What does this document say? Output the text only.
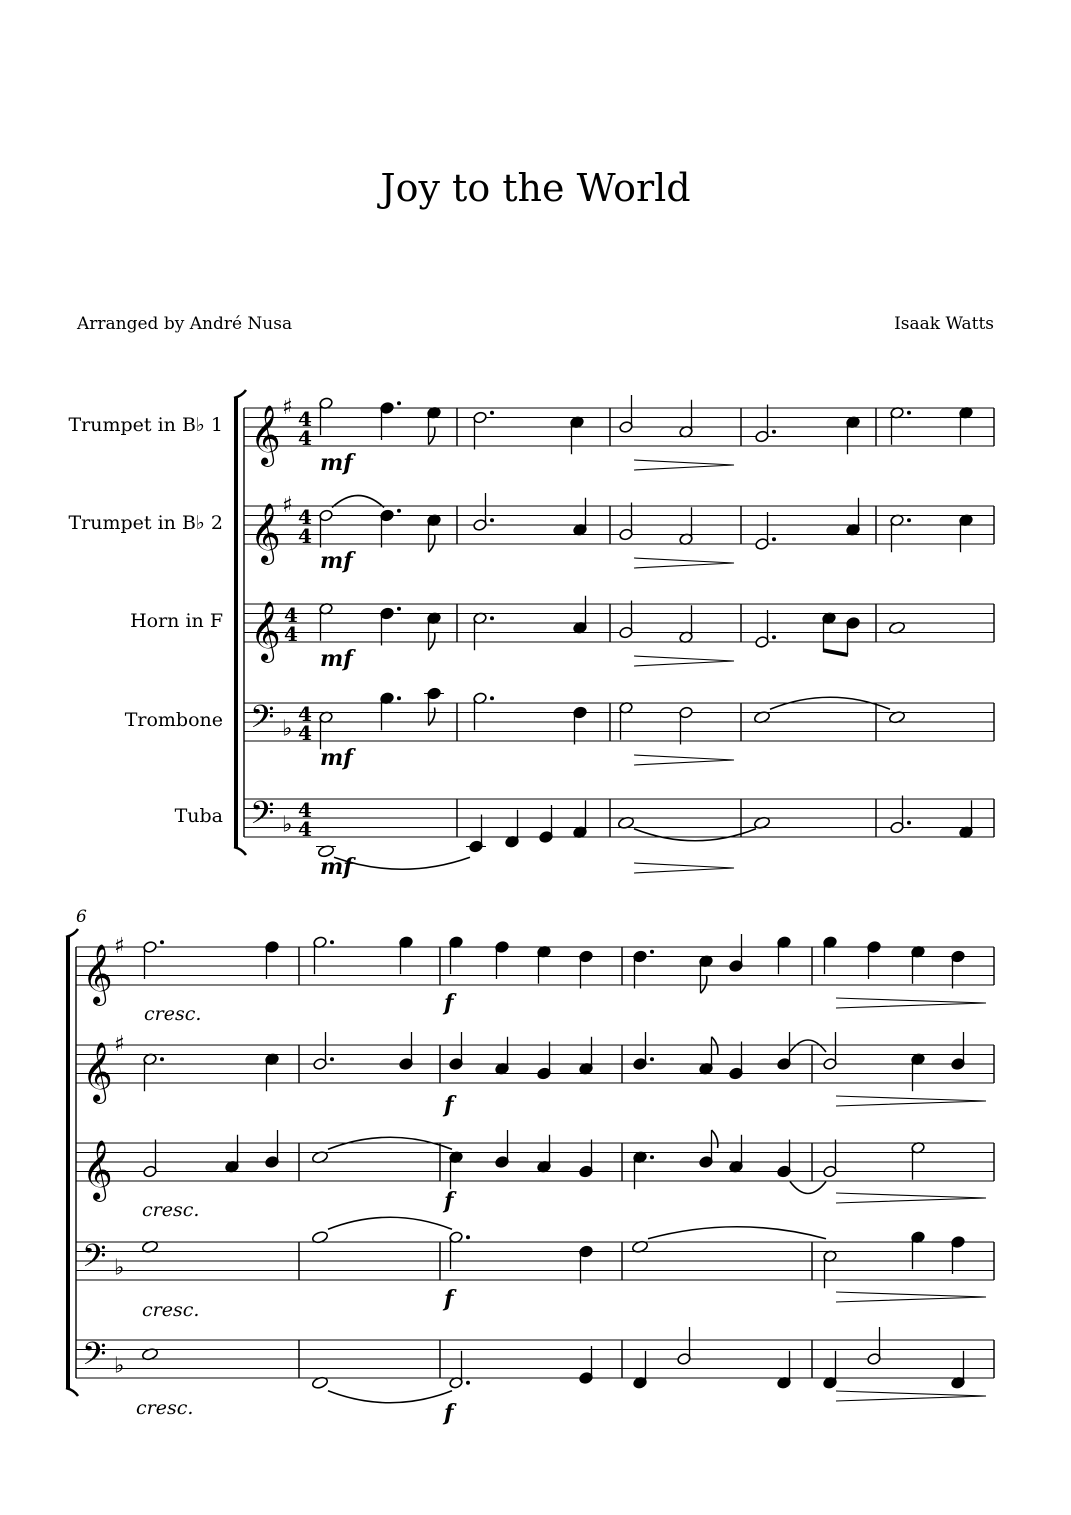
Joy to the World
Arranged by André Nusa	Isaak Watts
Trumpet in B♭ 1
Trumpet in B♭ 2
Horn in F
Trombone
Tuba
𝄞 ♯ 4
4
𝄞 ♯ 4
4
𝄞 4
4
𝄢 ♭
4
4
𝄢 ♭
4
4
𝄞 ♯
𝄞 ♯
𝄞
𝄢 ♭
𝄢 ♭
mf
mf
mf
mf
mf
cresc.	f
f
cresc.	f
cresc.	f
cresc.	f
6
